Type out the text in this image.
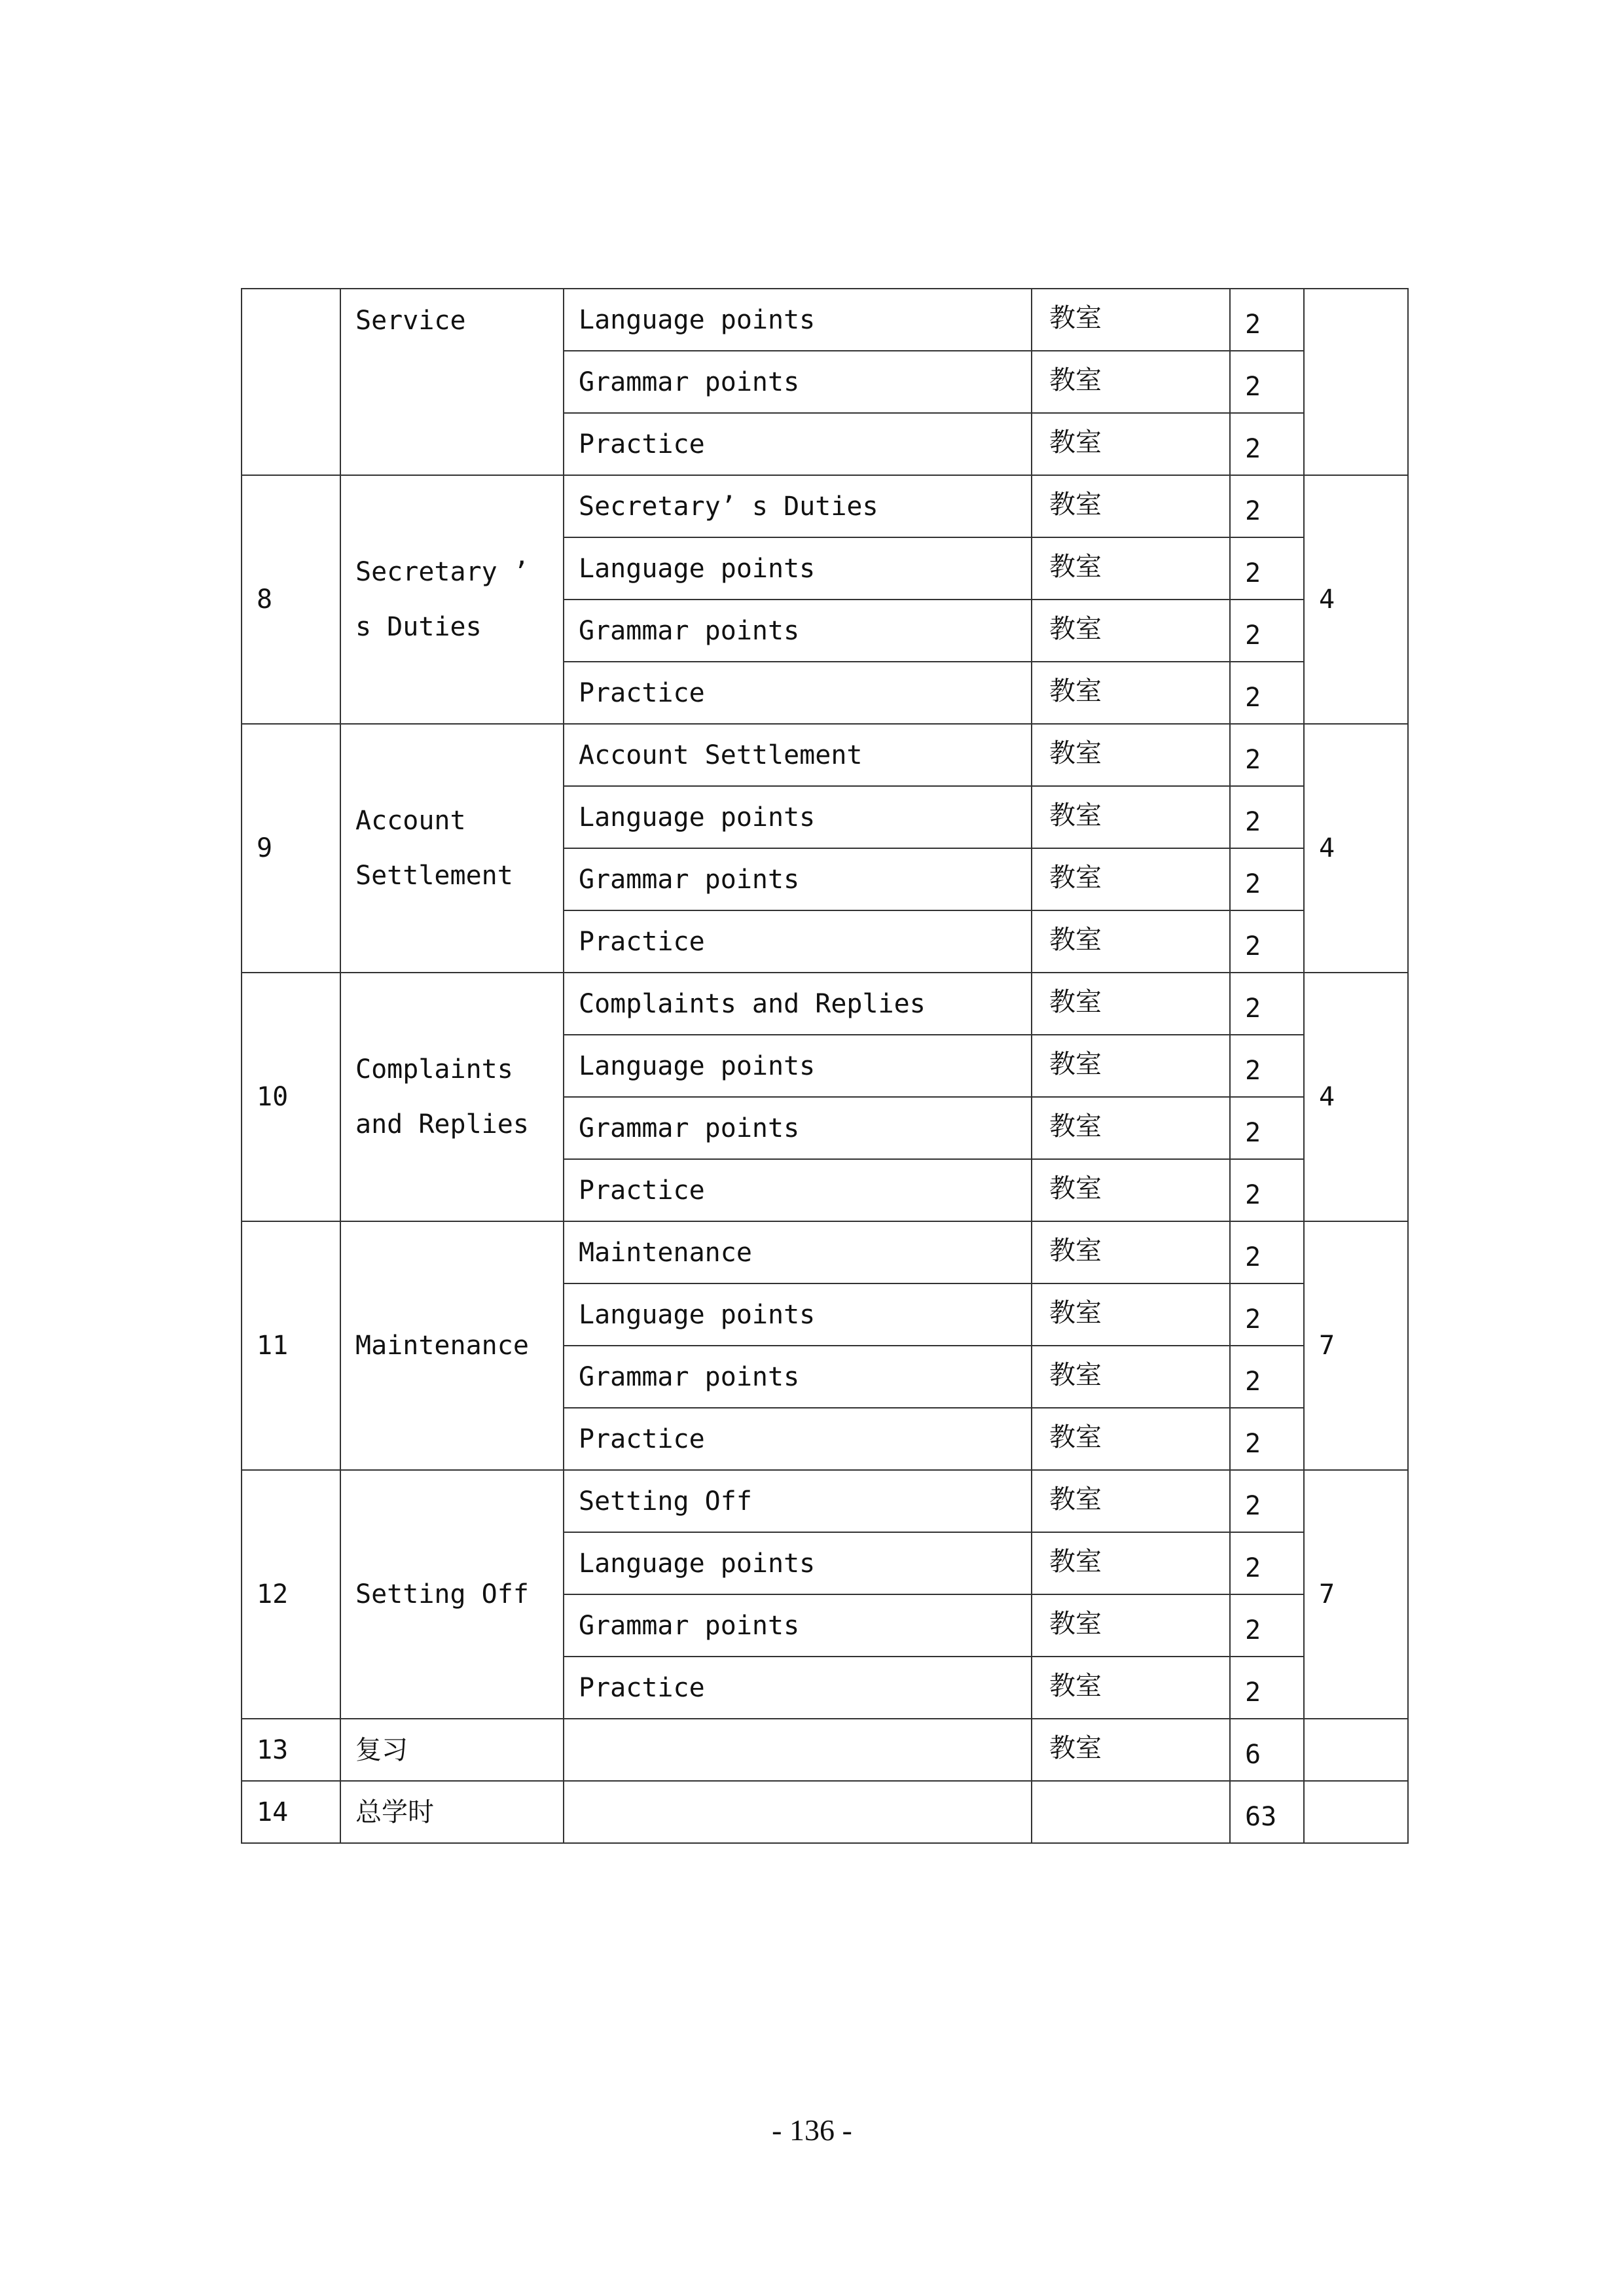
	Service	Language points	教室	2	
		Grammar points	教室	2	
		Practice	教室	2	
8	Secretary ’ s Duties	Secretary’ s Duties	教室	2	4
		Language points	教室	2	
		Grammar points	教室	2	
		Practice	教室	2	
9	Account Settlement	Account Settlement	教室	2	4
		Language points	教室	2	
		Grammar points	教室	2	
		Practice	教室	2	
10	Complaints and Replies	Complaints and Replies	教室	2	4
		Language points	教室	2	
		Grammar points	教室	2	
		Practice	教室	2	
11	Maintenance	Maintenance	教室	2	7
		Language points	教室	2	
		Grammar points	教室	2	
		Practice	教室	2	
12	Setting Off	Setting Off	教室	2	7
		Language points	教室	2	
		Grammar points	教室	2	
		Practice	教室	2	
13	复习		教室	6	
14	总学时			63	
- 136 -
